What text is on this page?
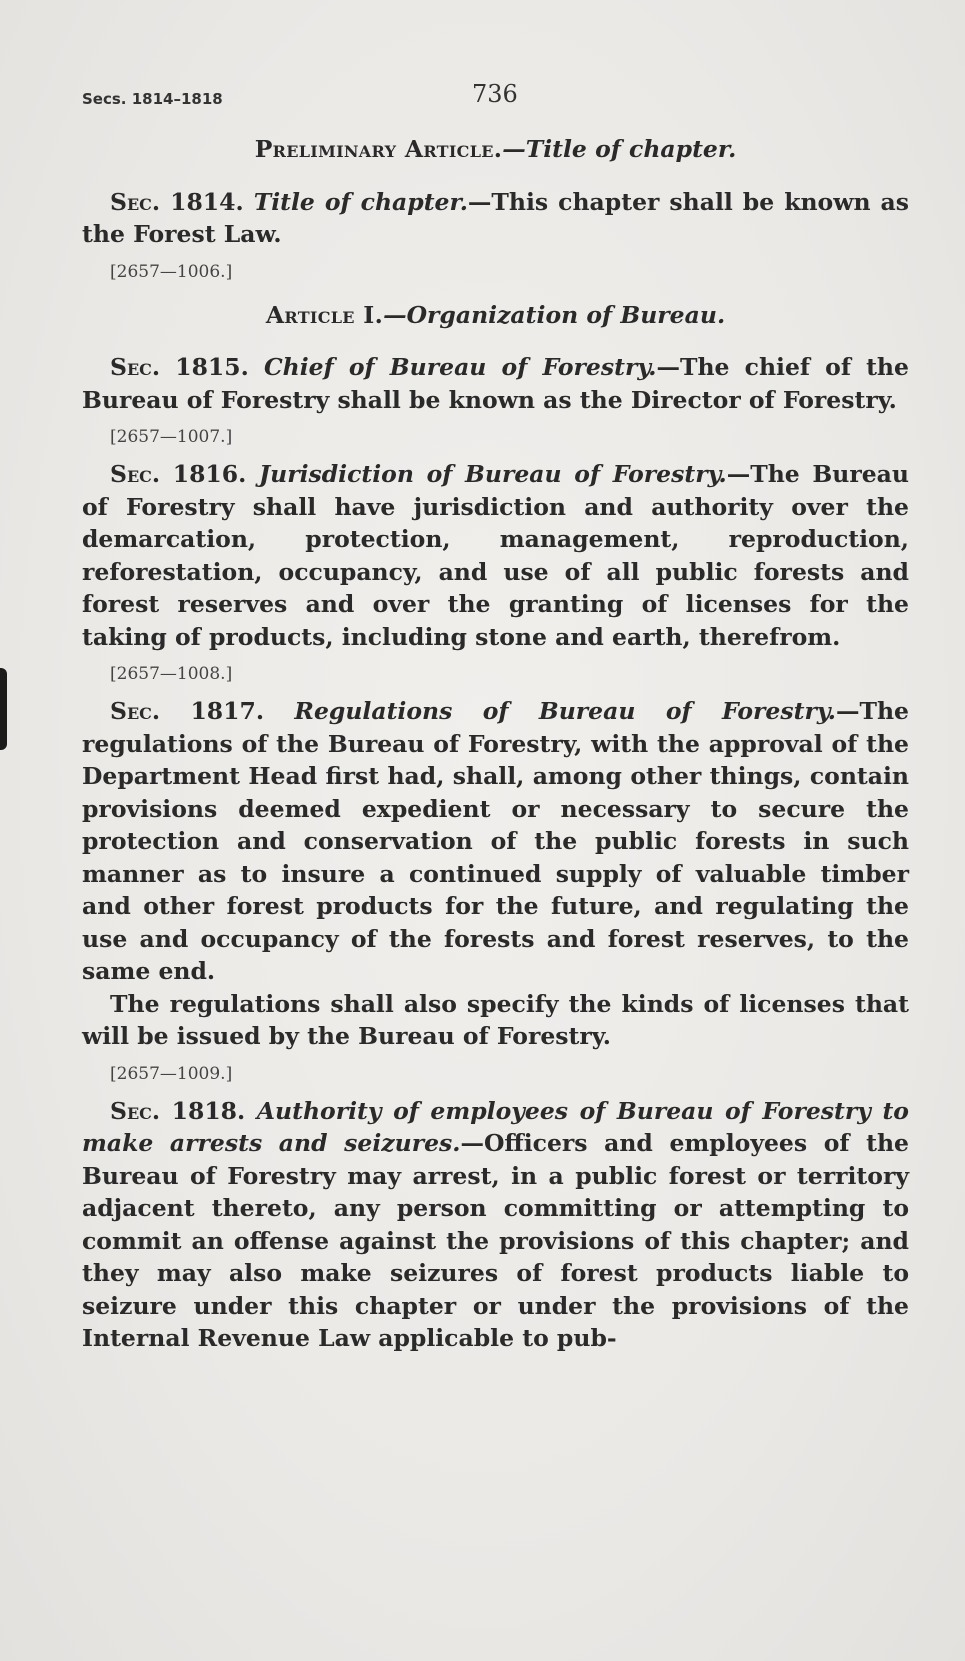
Secs. 1814–1818	736
Preliminary Article.—Title of chapter.

Sec. 1814. Title of chapter.—This chapter shall be known as the Forest Law.

[2657—1006.]
Article I.—Organization of Bureau.

Sec. 1815. Chief of Bureau of Forestry.—The chief of the Bureau of Forestry shall be known as the Director of Forestry.

[2657—1007.]

Sec. 1816. Jurisdiction of Bureau of Forestry.—The Bureau of Forestry shall have jurisdiction and authority over the demarcation, protection, management, reproduction, reforestation, occupancy, and use of all public forests and forest reserves and over the granting of licenses for the taking of products, including stone and earth, therefrom.

[2657—1008.]

Sec. 1817. Regulations of Bureau of Forestry.—The regulations of the Bureau of Forestry, with the approval of the Department Head first had, shall, among other things, contain provisions deemed expedient or necessary to secure the protection and conservation of the public forests in such manner as to insure a continued supply of valuable timber and other forest products for the future, and regulating the use and occupancy of the forests and forest reserves, to the same end.

The regulations shall also specify the kinds of licenses that will be issued by the Bureau of Forestry.

[2657—1009.]

Sec. 1818. Authority of employees of Bureau of Forestry to make arrests and seizures.—Officers and employees of the Bureau of Forestry may arrest, in a public forest or territory adjacent thereto, any person committing or attempting to commit an offense against the provisions of this chapter; and they may also make seizures of forest products liable to seizure under this chapter or under the provisions of the Internal Revenue Law applicable to pub-
